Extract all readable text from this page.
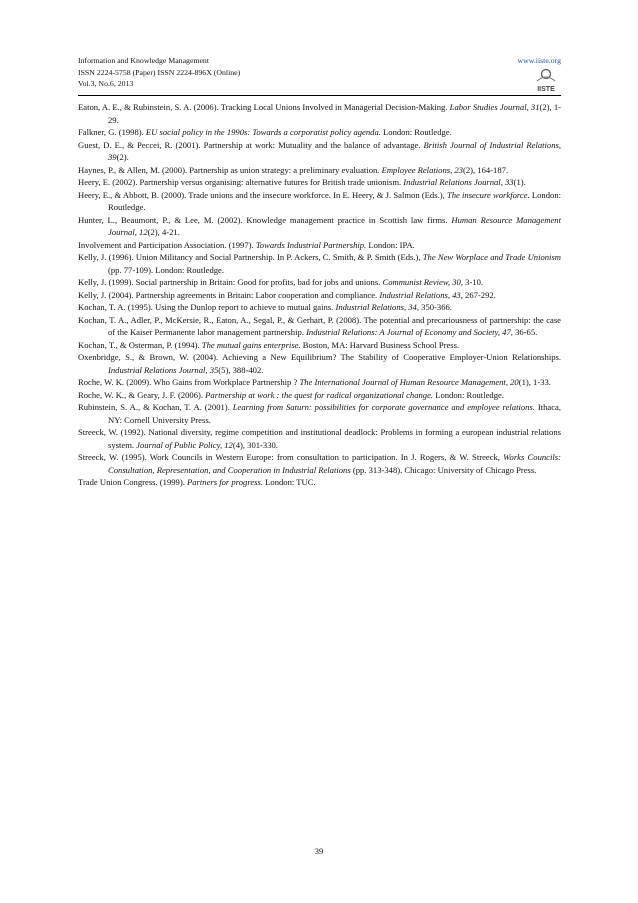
Information and Knowledge Management
ISSN 2224-5758 (Paper) ISSN 2224-896X (Online)
Vol.3, No.6, 2013
www.iiste.org
IISTE

Eaton, A. E., & Rubinstein, S. A. (2006). Tracking Local Unions Involved in Managerial Decision-Making. Labor Studies Journal, 31(2), 1-29.

Falkner, G. (1998). EU social policy in the 1990s: Towards a corporatist policy agenda. London: Routledge.

Guest, D. E., & Peccei, R. (2001). Partnership at work: Mutuality and the balance of advantage. British Journal of Industrial Relations, 39(2).

Haynes, P., & Allen, M. (2000). Partnership as union strategy: a preliminary evaluation. Employee Relations, 23(2), 164-187.

Heery, E. (2002). Partnership versus organising: alternative futures for British trade unionism. Industrial Relations Journal, 33(1).

Heery, E., & Abbott, B. (2000). Trade unions and the insecure workforce. In E. Heery, & J. Salmon (Eds.), The insecure workforce. London: Routledge.

Hunter, L., Beaumont, P., & Lee, M. (2002). Knowledge management practice in Scottish law firms. Human Resource Management Journal, 12(2), 4-21.

Involvement and Participation Association. (1997). Towards Industrial Partnership. London: IPA.

Kelly, J. (1996). Union Militancy and Social Partnership. In P. Ackers, C. Smith, & P. Smith (Eds.), The New Worplace and Trade Unionism (pp. 77-109). London: Routledge.

Kelly, J. (1999). Social partnership in Britain: Good for profits, bad for jobs and unions. Communist Review, 30, 3-10.

Kelly, J. (2004). Partnership agreements in Britain: Labor cooperation and compliance. Industrial Relations, 43, 267-292.

Kochan, T. A. (1995). Using the Dunlop report to achieve to mutual gains. Industrial Relations, 34, 350-366.

Kochan, T. A., Adler, P., McKersie, R., Eaton, A., Segal, P., & Gerhart, P. (2008). The potential and precariousness of partnership: the case of the Kaiser Permanente labor management partnership. Industrial Relations: A Journal of Economy and Society, 47, 36-65.

Kochan, T., & Osterman, P. (1994). The mutual gains enterprise. Boston, MA: Harvard Business School Press.

Oxenbridge, S., & Brown, W. (2004). Achieving a New Equilibrium? The Stability of Cooperative Employer-Union Relationships. Industrial Relations Journal, 35(5), 388-402.

Roche, W. K. (2009). Who Gains from Workplace Partnership ? The International Journal of Human Resource Management, 20(1), 1-33.

Roche, W. K., & Geary, J. F. (2006). Partnership at work : the quest for radical organizational change. London: Routledge.

Rubinstein, S. A., & Kochan, T. A. (2001). Learning from Saturn: possibilities for corporate governance and employee relations. Ithaca, NY: Cornell University Press.

Streeck, W. (1992). National diversity, regime competition and institutional deadlock: Problems in forming a european industrial relations system. Journal of Public Policy, 12(4), 301-330.

Streeck, W. (1995). Work Councils in Western Europe: from consultation to participation. In J. Rogers, & W. Streeck, Works Councils: Consultation, Representation, and Cooperation in Industrial Relations (pp. 313-348). Chicago: University of Chicago Press.

Trade Union Congress. (1999). Partners for progress. London: TUC.

39
